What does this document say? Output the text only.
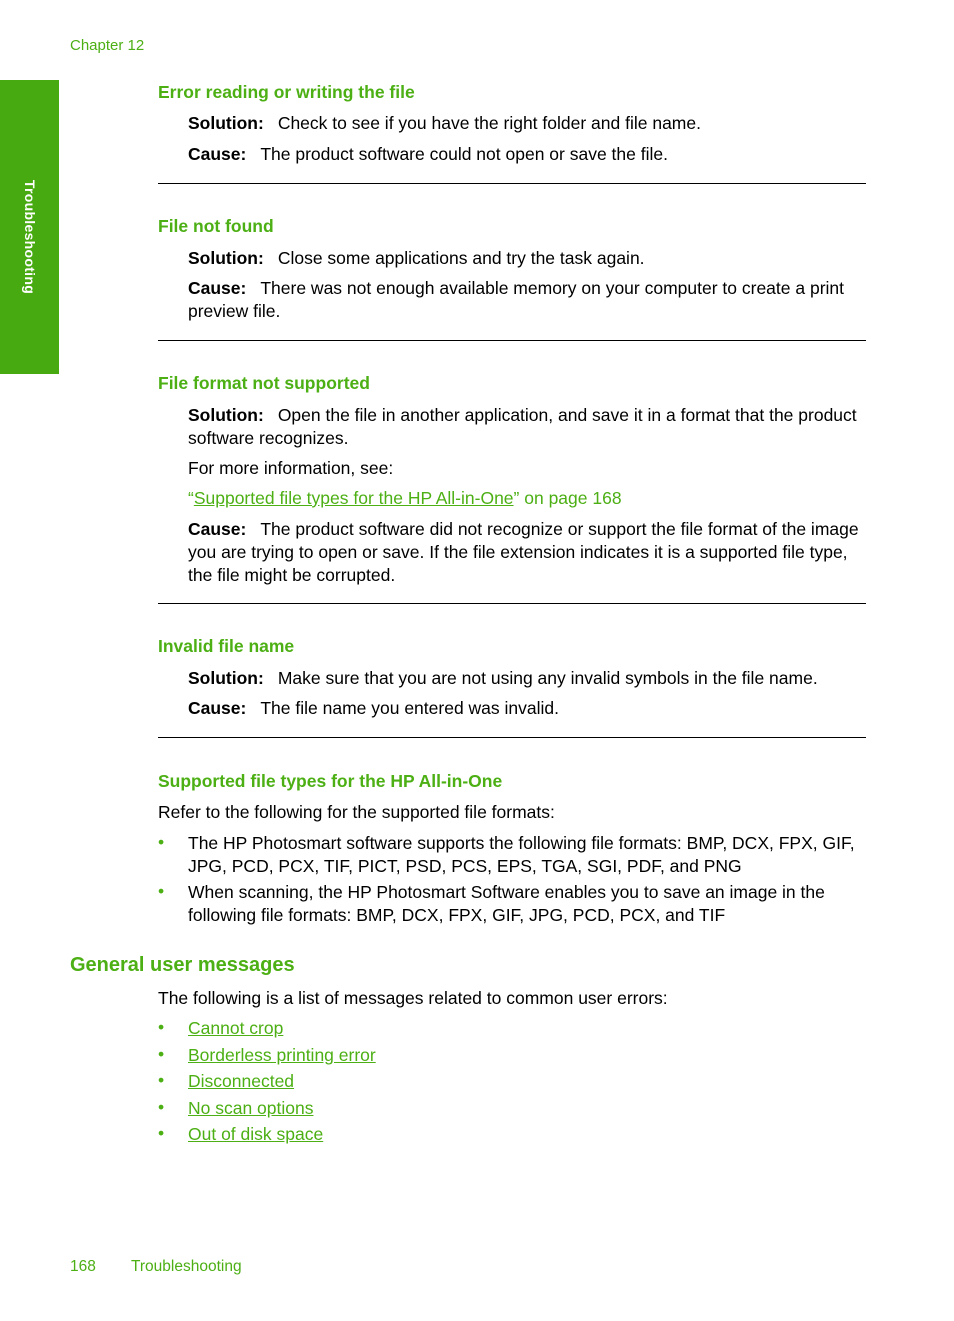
Chapter 12
Troubleshooting
Error reading or writing the file
Solution: Check to see if you have the right folder and file name.
Cause: The product software could not open or save the file.
File not found
Solution: Close some applications and try the task again.
Cause: There was not enough available memory on your computer to create a print preview file.
File format not supported
Solution: Open the file in another application, and save it in a format that the product software recognizes.
For more information, see:
“Supported file types for the HP All-in-One” on page 168
Cause: The product software did not recognize or support the file format of the image you are trying to open or save. If the file extension indicates it is a supported file type, the file might be corrupted.
Invalid file name
Solution: Make sure that you are not using any invalid symbols in the file name.
Cause: The file name you entered was invalid.
Supported file types for the HP All-in-One
Refer to the following for the supported file formats:
• The HP Photosmart software supports the following file formats: BMP, DCX, FPX, GIF, JPG, PCD, PCX, TIF, PICT, PSD, PCS, EPS, TGA, SGI, PDF, and PNG
• When scanning, the HP Photosmart Software enables you to save an image in the following file formats: BMP, DCX, FPX, GIF, JPG, PCD, PCX, and TIF
General user messages
The following is a list of messages related to common user errors:
• Cannot crop
• Borderless printing error
• Disconnected
• No scan options
• Out of disk space
168 Troubleshooting
